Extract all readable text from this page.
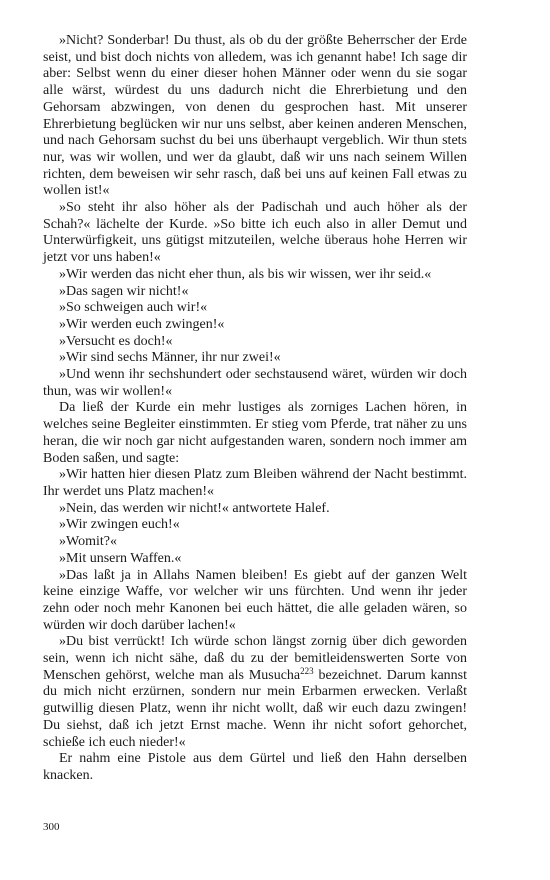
»Nicht? Sonderbar! Du thust, als ob du der größte Beherrscher der Erde seist, und bist doch nichts von alledem, was ich genannt habe! Ich sage dir aber: Selbst wenn du einer dieser hohen Männer oder wenn du sie sogar alle wärst, würdest du uns dadurch nicht die Ehrerbietung und den Gehorsam abzwingen, von denen du gesprochen hast. Mit unserer Ehrerbietung beglücken wir nur uns selbst, aber keinen anderen Menschen, und nach Gehorsam suchst du bei uns überhaupt vergeblich. Wir thun stets nur, was wir wollen, und wer da glaubt, daß wir uns nach seinem Willen richten, dem beweisen wir sehr rasch, daß bei uns auf keinen Fall etwas zu wollen ist!«

»So steht ihr also höher als der Padischah und auch höher als der Schah?« lächelte der Kurde. »So bitte ich euch also in aller Demut und Unterwürfigkeit, uns gütigst mitzuteilen, welche überaus hohe Herren wir jetzt vor uns haben!«

»Wir werden das nicht eher thun, als bis wir wissen, wer ihr seid.«

»Das sagen wir nicht!«

»So schweigen auch wir!«

»Wir werden euch zwingen!«

»Versucht es doch!«

»Wir sind sechs Männer, ihr nur zwei!«

»Und wenn ihr sechshundert oder sechstausend wäret, würden wir doch thun, was wir wollen!«

Da ließ der Kurde ein mehr lustiges als zorniges Lachen hören, in welches seine Begleiter einstimmten. Er stieg vom Pferde, trat näher zu uns heran, die wir noch gar nicht aufgestanden waren, sondern noch immer am Boden saßen, und sagte:

»Wir hatten hier diesen Platz zum Bleiben während der Nacht bestimmt. Ihr werdet uns Platz machen!«

»Nein, das werden wir nicht!« antwortete Halef.

»Wir zwingen euch!«

»Womit?«

»Mit unsern Waffen.«

»Das laßt ja in Allahs Namen bleiben! Es giebt auf der ganzen Welt keine einzige Waffe, vor welcher wir uns fürchten. Und wenn ihr jeder zehn oder noch mehr Kanonen bei euch hättet, die alle geladen wären, so würden wir doch darüber lachen!«

»Du bist verrückt! Ich würde schon längst zornig über dich geworden sein, wenn ich nicht sähe, daß du zu der bemitleidenswerten Sorte von Menschen gehörst, welche man als Musucha$^{223}$ bezeichnet. Darum kannst du mich nicht erzürnen, sondern nur mein Erbarmen erwecken. Verlaßt gutwillig diesen Platz, wenn ihr nicht wollt, daß wir euch dazu zwingen! Du siehst, daß ich jetzt Ernst mache. Wenn ihr nicht sofort gehorchet, schieße ich euch nieder!«

Er nahm eine Pistole aus dem Gürtel und ließ den Hahn derselben knacken.

300
